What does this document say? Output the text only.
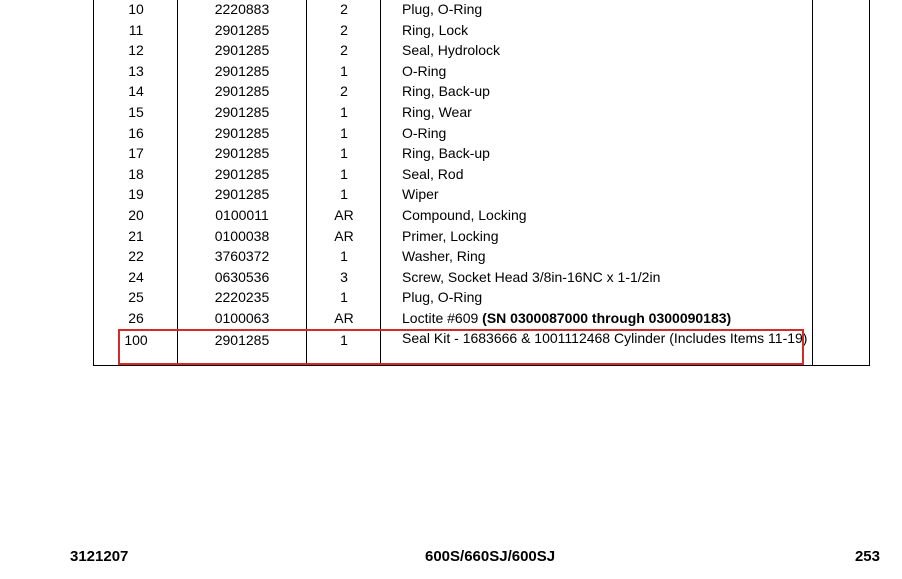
10	2220883	2	Plug, O-Ring
11	2901285	2	Ring, Lock
12	2901285	2	Seal, Hydrolock
13	2901285	1	O-Ring
14	2901285	2	Ring, Back-up
15	2901285	1	Ring, Wear
16	2901285	1	O-Ring
17	2901285	1	Ring, Back-up
18	2901285	1	Seal, Rod
19	2901285	1	Wiper
20	0100011	AR	Compound, Locking
21	0100038	AR	Primer, Locking
22	3760372	1	Washer, Ring
24	0630536	3	Screw, Socket Head 3/8in-16NC x 1-1/2in
25	2220235	1	Plug, O-Ring
26	0100063	AR	Loctite #609 (SN 0300087000 through 0300090183)
100	2901285	1	Seal Kit - 1683666 & 1001112468 Cylinder (Includes Items 11-19)
3121207	600S/660SJ/600SJ	253
